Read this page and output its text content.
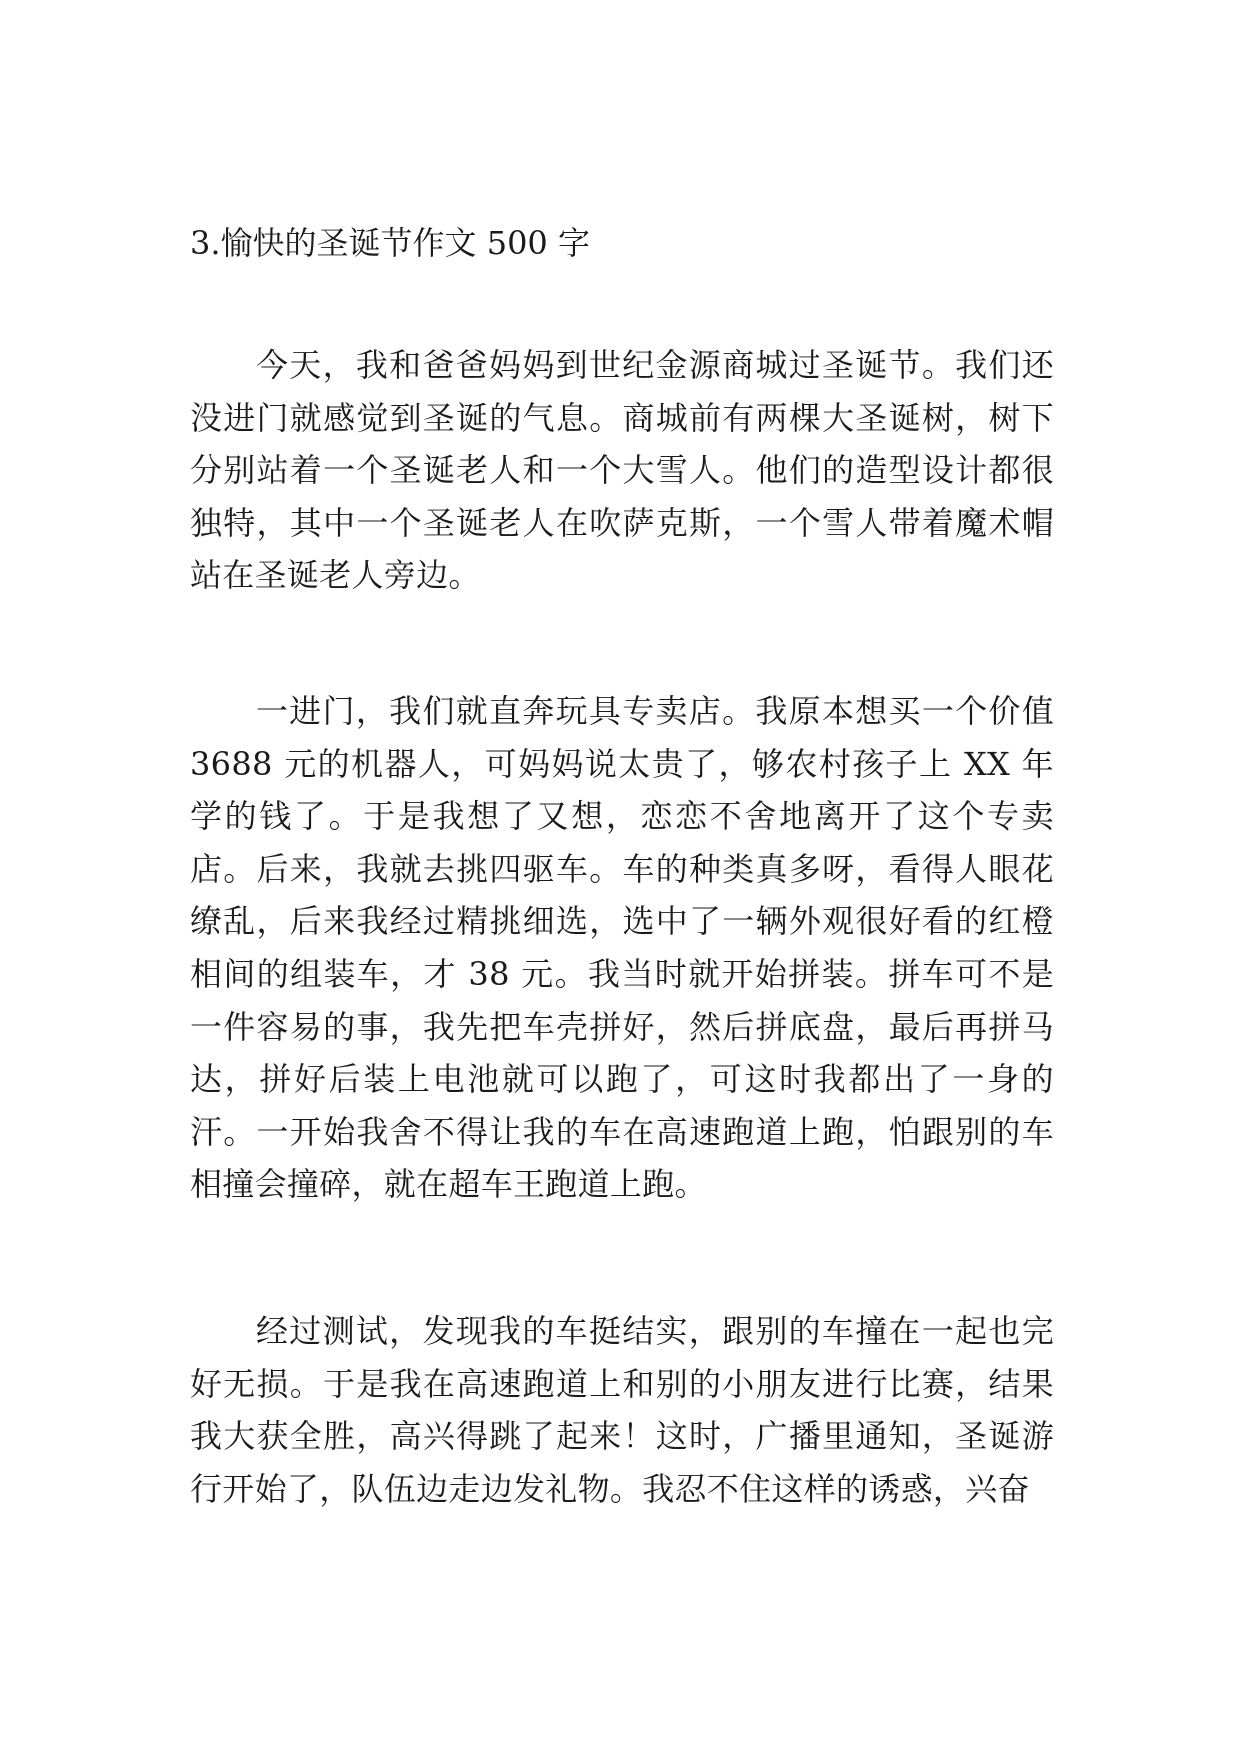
3.愉快的圣诞节作文 500 字

今天，我和爸爸妈妈到世纪金源商城过圣诞节。我们还没进门就感觉到圣诞的气息。商城前有两棵大圣诞树，树下分别站着一个圣诞老人和一个大雪人。他们的造型设计都很独特，其中一个圣诞老人在吹萨克斯，一个雪人带着魔术帽站在圣诞老人旁边。

一进门，我们就直奔玩具专卖店。我原本想买一个价值 3688 元的机器人，可妈妈说太贵了，够农村孩子上 XX 年学的钱了。于是我想了又想，恋恋不舍地离开了这个专卖店。后来，我就去挑四驱车。车的种类真多呀，看得人眼花缭乱，后来我经过精挑细选，选中了一辆外观很好看的红橙相间的组装车，才 38 元。我当时就开始拼装。拼车可不是一件容易的事，我先把车壳拼好，然后拼底盘，最后再拼马达，拼好后装上电池就可以跑了，可这时我都出了一身的汗。一开始我舍不得让我的车在高速跑道上跑，怕跟别的车相撞会撞碎，就在超车王跑道上跑。

经过测试，发现我的车挺结实，跟别的车撞在一起也完好无损。于是我在高速跑道上和别的小朋友进行比赛，结果我大获全胜，高兴得跳了起来！这时，广播里通知，圣诞游行开始了，队伍边走边发礼物。我忍不住这样的诱惑，兴奋
